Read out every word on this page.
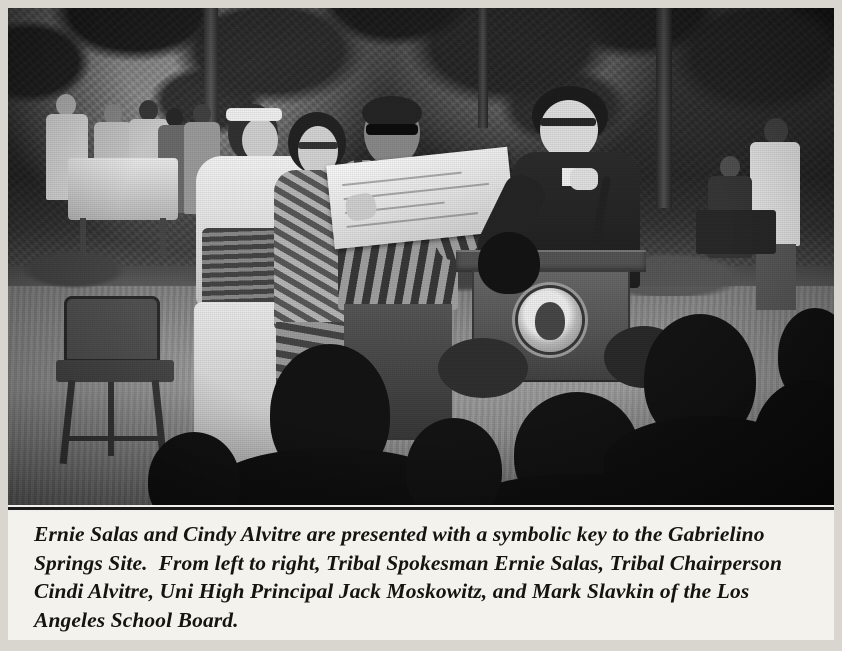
Ernie Salas and Cindy Alvitre are presented with a symbolic key to the Gabrielino Springs Site.  From left to right, Tribal Spokesman Ernie Salas, Tribal Chairperson Cindi Alvitre, Uni High Principal Jack Moskowitz, and Mark Slavkin of the Los Angeles School Board.
